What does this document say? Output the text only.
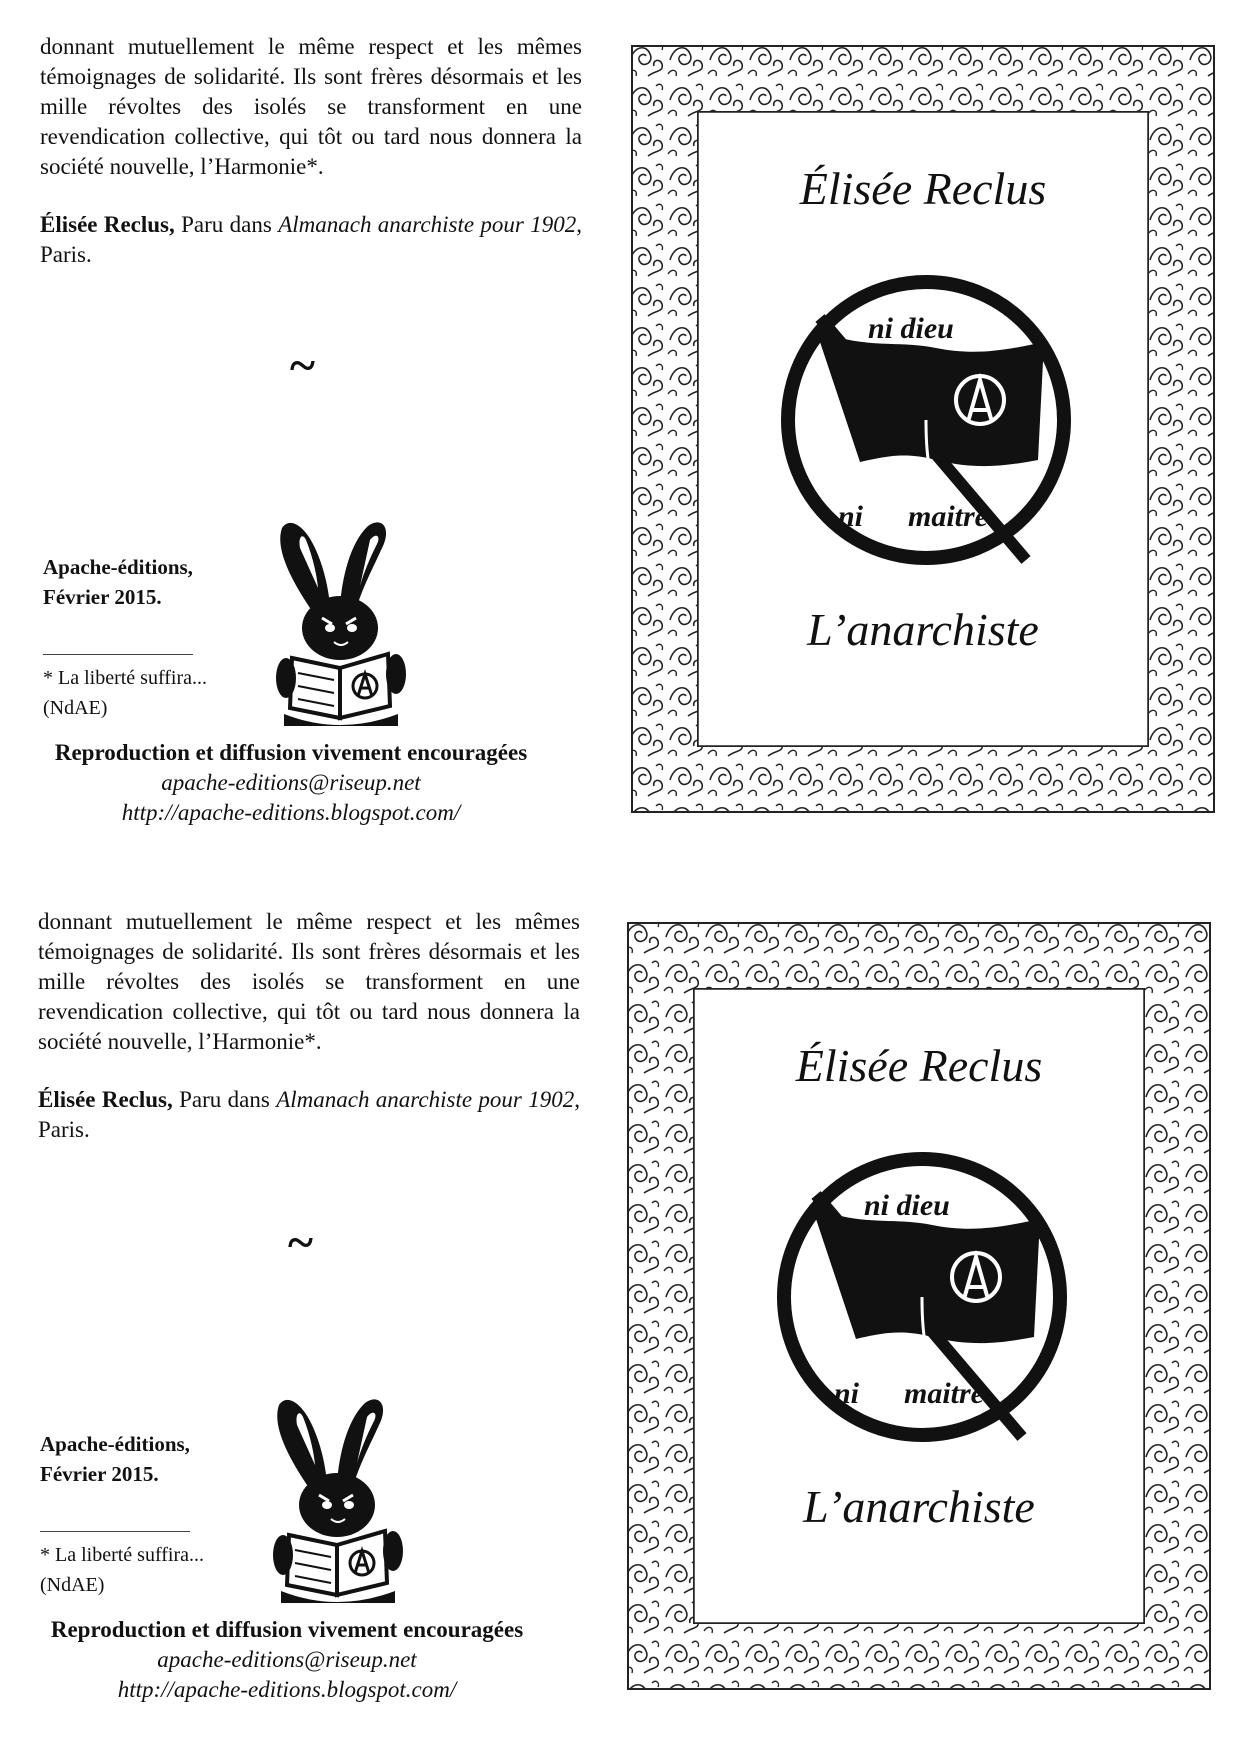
donnant mutuellement le même respect et les mêmes témoignages de solidarité. Ils sont frères désormais et les mille révoltes des isolés se transforment en une revendication collective, qui tôt ou tard nous donnera la société nouvelle, l’Harmonie*.

Élisée Reclus, Paru dans Almanach anarchiste pour 1902, Paris.

~
Apache-éditions,
Février 2015.
* La liberté suffira...
(NdAE)
Reproduction et diffusion vivement encouragées
apache-editions@riseup.net
http://apache-editions.blogspot.com/
Élisée Reclus
ni dieu
ni maitre
L’anarchiste

donnant mutuellement le même respect et les mêmes témoignages de solidarité. Ils sont frères désormais et les mille révoltes des isolés se transforment en une revendication collective, qui tôt ou tard nous donnera la société nouvelle, l’Harmonie*.

Élisée Reclus, Paru dans Almanach anarchiste pour 1902, Paris.

~
Apache-éditions,
Février 2015.
* La liberté suffira...
(NdAE)
Reproduction et diffusion vivement encouragées
apache-editions@riseup.net
http://apache-editions.blogspot.com/
Élisée Reclus
ni dieu
ni maitre
L’anarchiste
